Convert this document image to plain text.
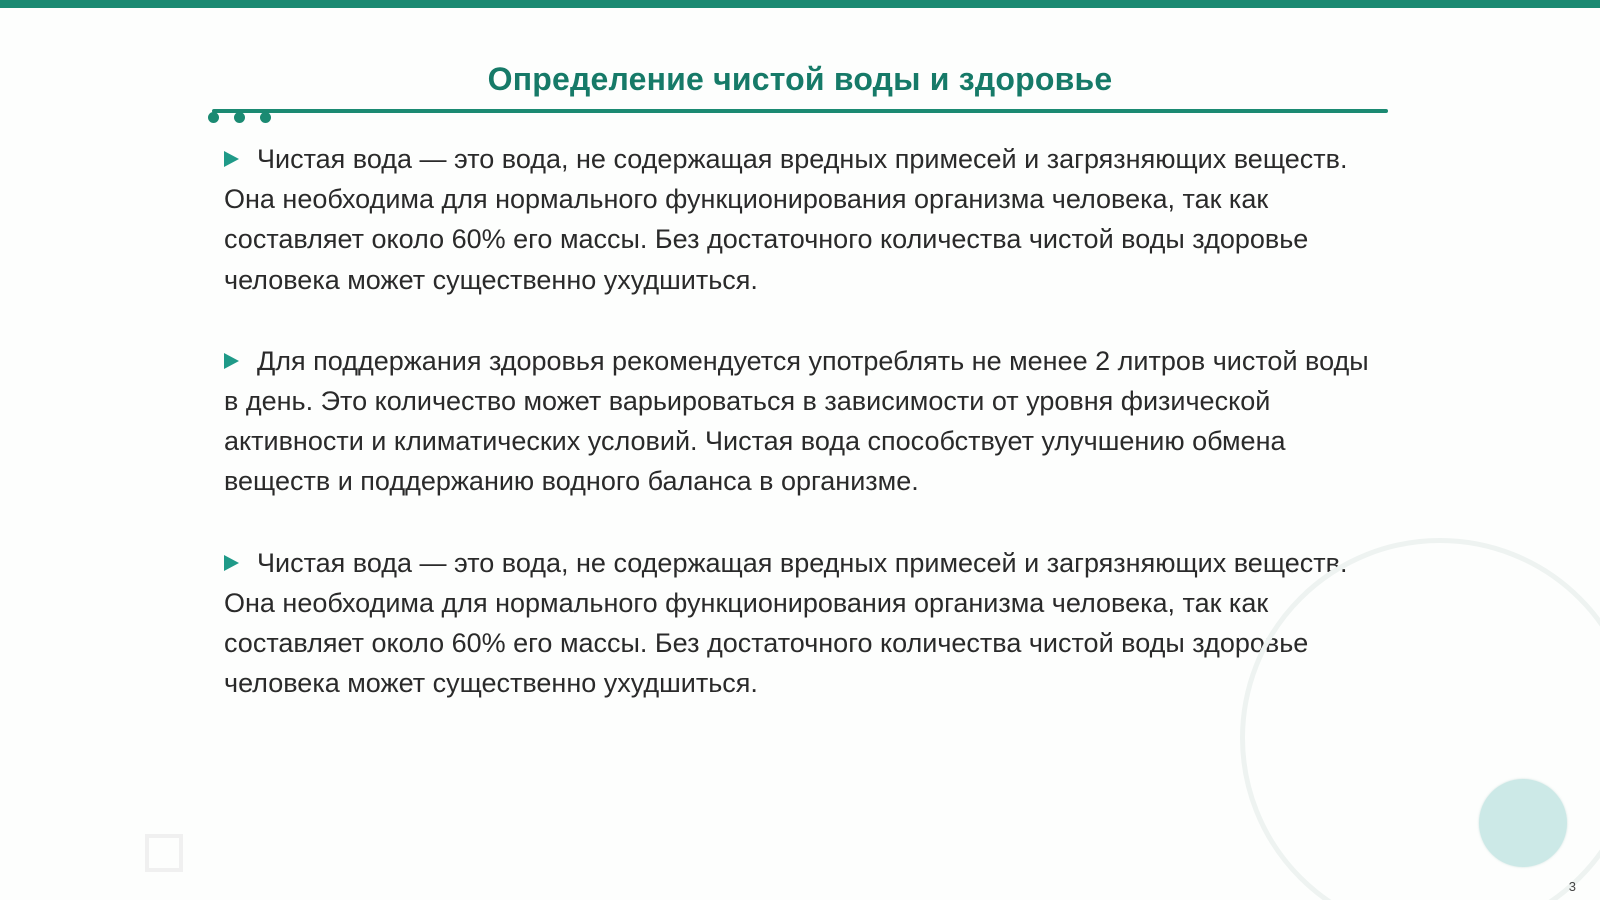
Определение чистой воды и здоровье
Чистая вода — это вода, не содержащая вредных примесей и загрязняющих веществ. Она необходима для нормального функционирования организма человека, так как составляет около 60% его массы. Без достаточного количества чистой воды здоровье человека может существенно ухудшиться.
Для поддержания здоровья рекомендуется употреблять не менее 2 литров чистой воды в день. Это количество может варьироваться в зависимости от уровня физической активности и климатических условий. Чистая вода способствует улучшению обмена веществ и поддержанию водного баланса в организме.
Чистая вода — это вода, не содержащая вредных примесей и загрязняющих веществ. Она необходима для нормального функционирования организма человека, так как составляет около 60% его массы. Без достаточного количества чистой воды здоровье человека может существенно ухудшиться.
3
